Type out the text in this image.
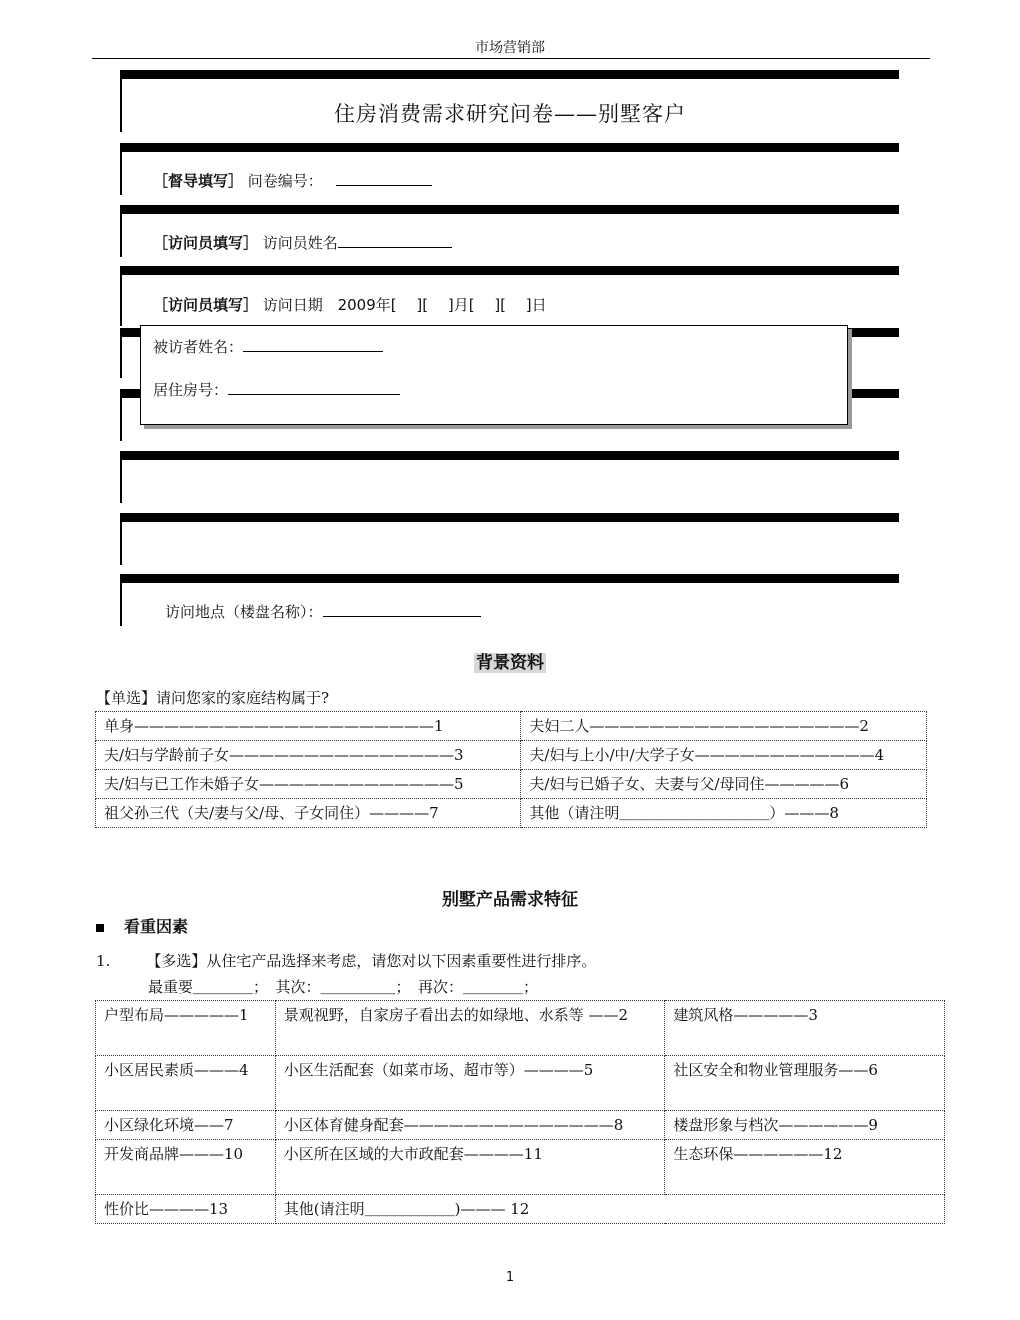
市场营销部
住房消费需求研究问卷——别墅客户
［督导填写］ 问卷编号：
［访问员填写］ 访问员姓名
［访问员填写］ 访问日期 2009年[　 ][　 ]月[　 ][　 ]日
访问地点（楼盘名称）：
被访者姓名：
居住房号：
背景资料
【单选】请问您家的家庭结构属于?
单身————————————————————1	夫妇二人——————————————————2
夫/妇与学龄前子女———————————————3	夫/妇与上小/中/大学子女————————————4
夫/妇与已工作未婚子女—————————————5	夫/妇与已婚子女、夫妻与父/母同住—————6
祖父孙三代（夫/妻与父/母、子女同住）————7	其他（请注明＿＿＿＿＿＿＿＿＿＿）———8
别墅产品需求特征
看重因素
1. 【多选】从住宅产品选择来考虑，请您对以下因素重要性进行排序。
最重要＿＿＿＿；　其次：＿＿＿＿＿；　再次：＿＿＿＿；
户型布局—————1	景观视野，自家房子看出去的如绿地、水系等 ——2	建筑风格—————3
小区居民素质———4	小区生活配套（如菜市场、超市等）————5	社区安全和物业管理服务——6
小区绿化环境——7	小区体育健身配套——————————————8	楼盘形象与档次——————9
开发商品牌———10	小区所在区域的大市政配套————11	生态环保——————12
性价比————13	其他(请注明＿＿＿＿＿＿)——— 12	
1
